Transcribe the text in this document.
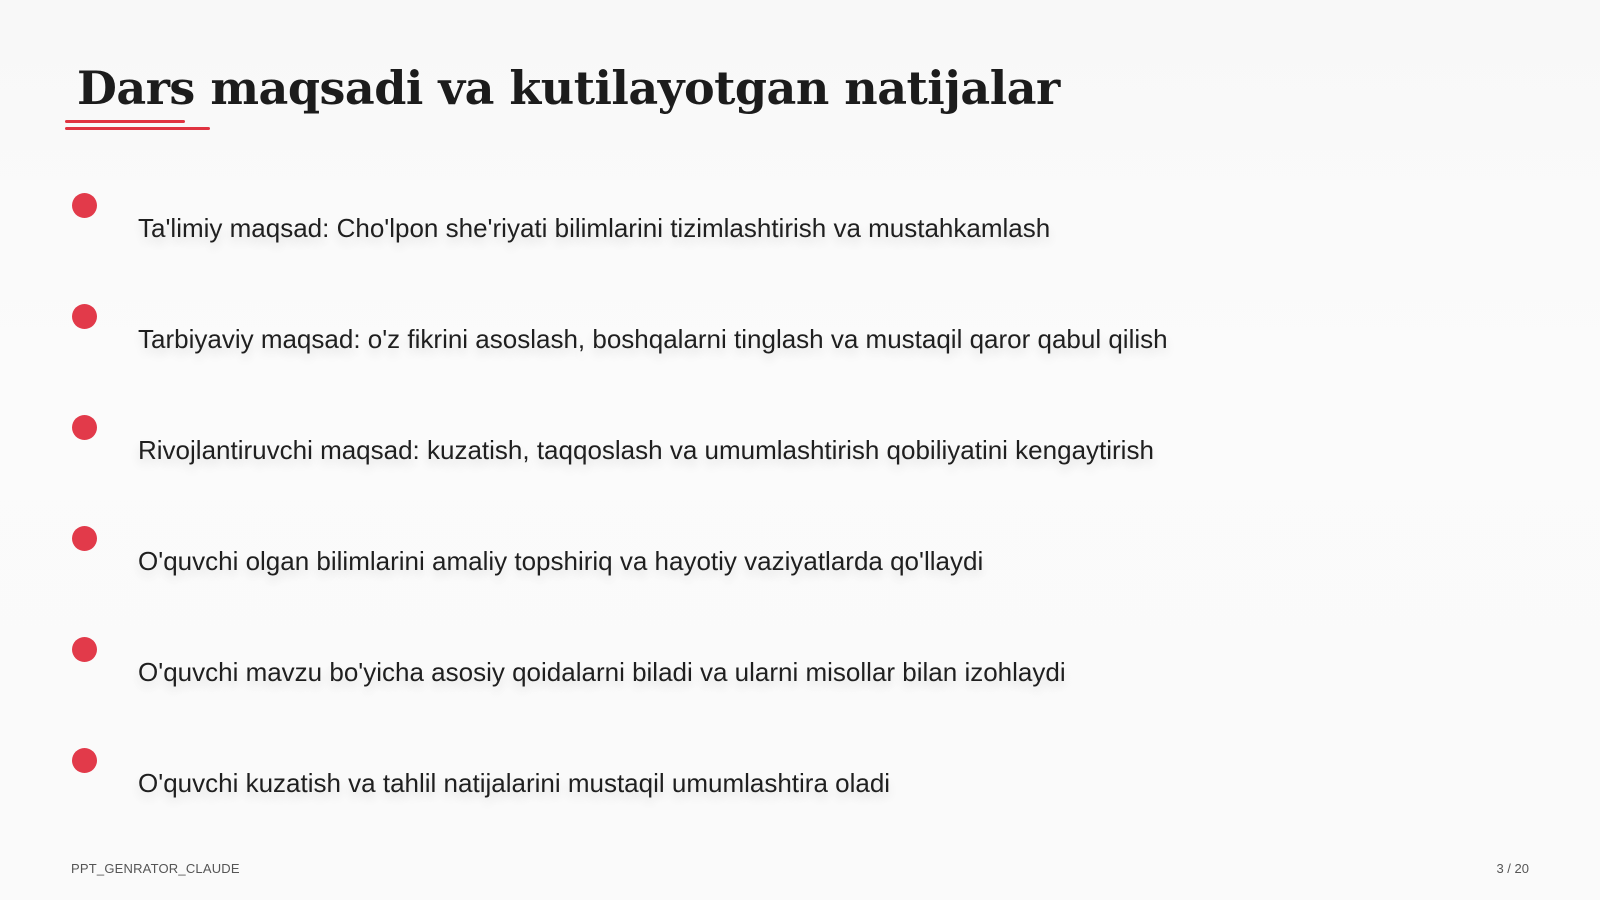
Dars maqsadi va kutilayotgan natijalar
Ta'limiy maqsad: Cho'lpon she'riyati bilimlarini tizimlashtirish va mustahkamlash
Tarbiyaviy maqsad: o'z fikrini asoslash, boshqalarni tinglash va mustaqil qaror qabul qilish
Rivojlantiruvchi maqsad: kuzatish, taqqoslash va umumlashtirish qobiliyatini kengaytirish
O'quvchi olgan bilimlarini amaliy topshiriq va hayotiy vaziyatlarda qo'llaydi
O'quvchi mavzu bo'yicha asosiy qoidalarni biladi va ularni misollar bilan izohlaydi
O'quvchi kuzatish va tahlil natijalarini mustaqil umumlashtira oladi
PPT_GENRATOR_CLAUDE	3 / 20
